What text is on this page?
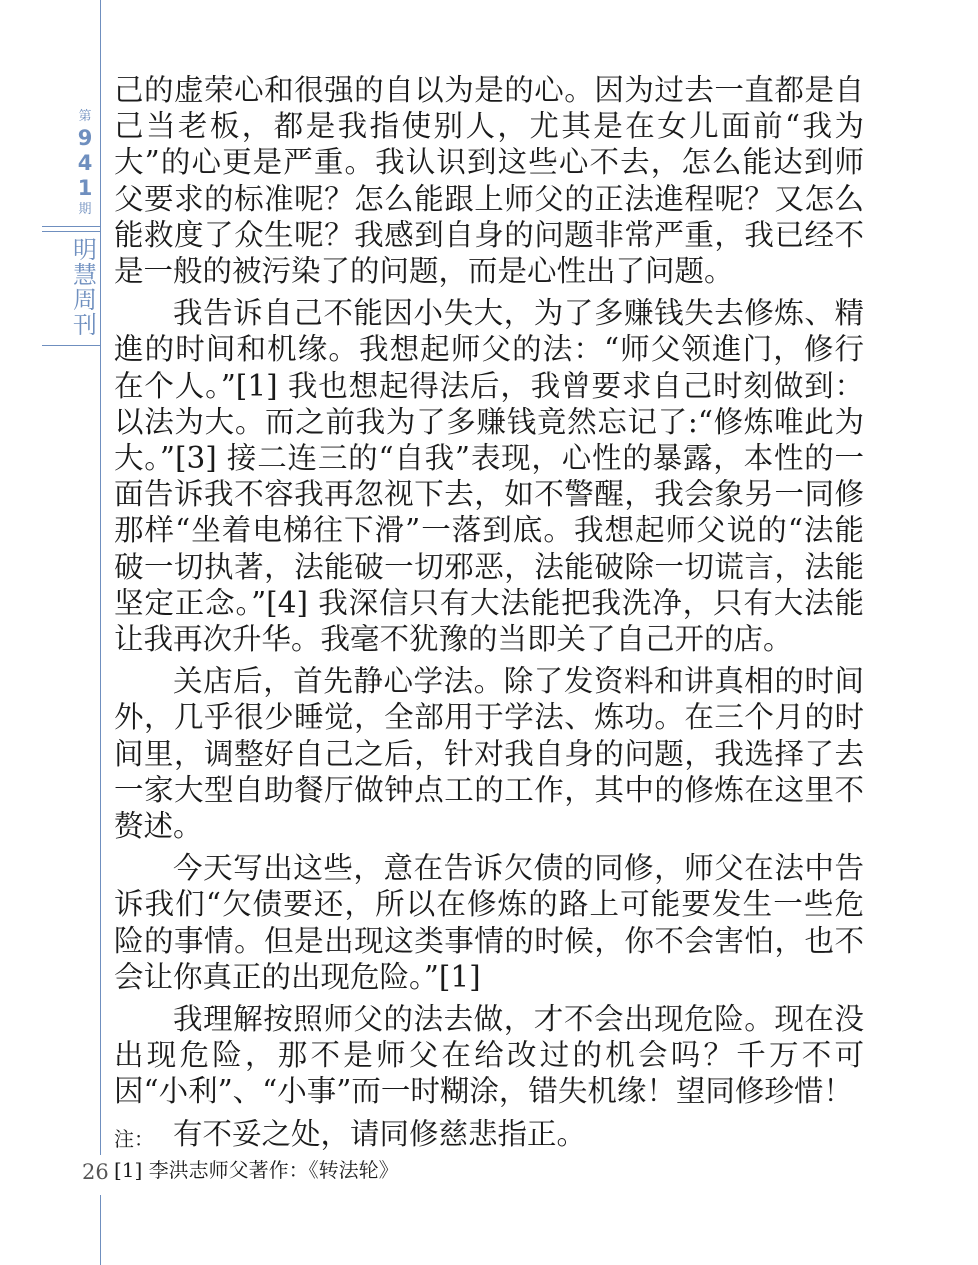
第
9
4
1
期
明
慧
周
刊

己的虚荣心和很强的自以为是的心。因为过去一直都是自己当老板，都是我指使别人，尤其是在女儿面前“我为大”的心更是严重。我认识到这些心不去，怎么能达到师父要求的标准呢？怎么能跟上师父的正法進程呢？又怎么能救度了众生呢？我感到自身的问题非常严重，我已经不是一般的被污染了的问题，而是心性出了问题。

我告诉自己不能因小失大，为了多赚钱失去修炼、精進的时间和机缘。我想起师父的法：“师父领進门，修行在个人。”[1] 我也想起得法后，我曾要求自己时刻做到：以法为大。而之前我为了多赚钱竟然忘记了:“修炼唯此为大。”[3] 接二连三的“自我”表现，心性的暴露，本性的一面告诉我不容我再忽视下去，如不警醒，我会象另一同修那样“坐着电梯往下滑”一落到底。我想起师父说的“法能破一切执著，法能破一切邪恶，法能破除一切谎言，法能坚定正念。”[4] 我深信只有大法能把我洗净，只有大法能让我再次升华。我毫不犹豫的当即关了自己开的店。

关店后，首先静心学法。除了发资料和讲真相的时间外，几乎很少睡觉，全部用于学法、炼功。在三个月的时间里，调整好自己之后，针对我自身的问题，我选择了去一家大型自助餐厅做钟点工的工作，其中的修炼在这里不赘述。

今天写出这些，意在告诉欠债的同修，师父在法中告诉我们“欠债要还，所以在修炼的路上可能要发生一些危险的事情。但是出现这类事情的时候，你不会害怕，也不会让你真正的出现危险。”[1]

我理解按照师父的法去做，才不会出现危险。现在没出现危险，那不是师父在给改过的机会吗？千万不可因“小利”、“小事”而一时糊涂，错失机缘！望同修珍惜！

有不妥之处，请同修慈悲指正。

注：
[1] 李洪志师父著作：《转法轮》
26
